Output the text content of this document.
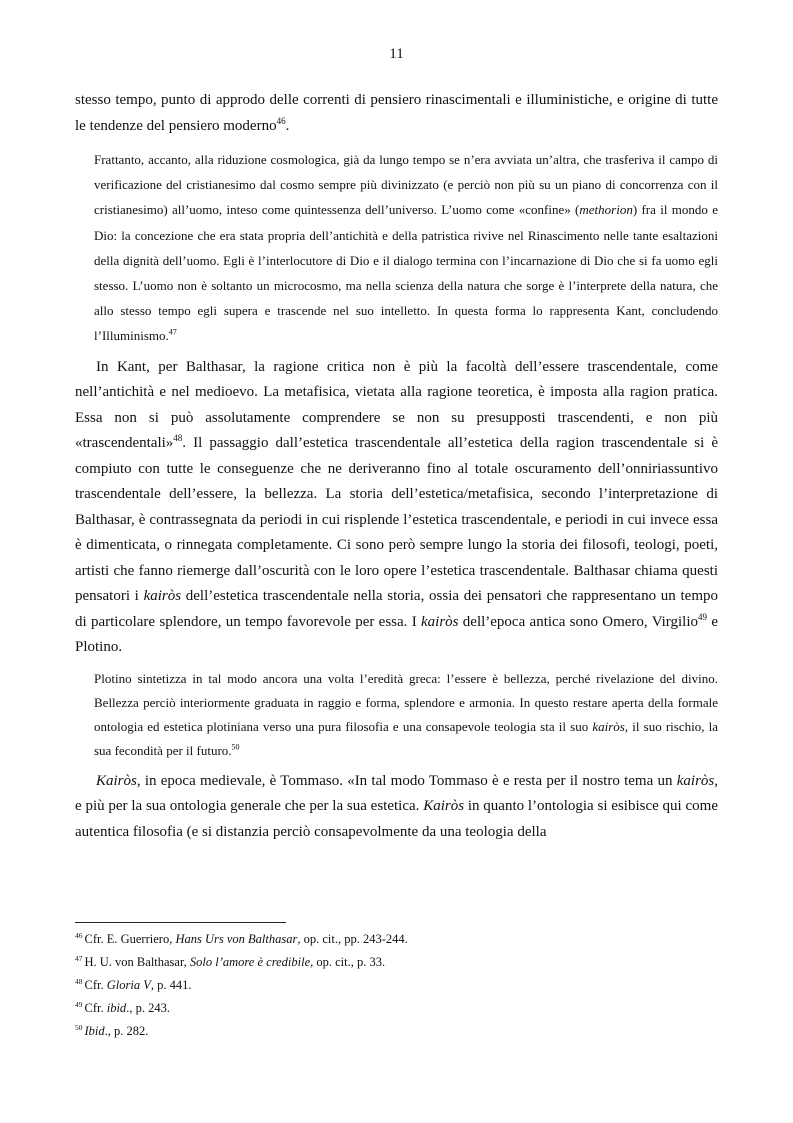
11

stesso tempo, punto di approdo delle correnti di pensiero rinascimentali e illuministiche, e origine di tutte le tendenze del pensiero moderno$^{46}$.

Frattanto, accanto, alla riduzione cosmologica, già da lungo tempo se n’era avviata un’altra, che trasferiva il campo di verificazione del cristianesimo dal cosmo sempre più divinizzato (e perciò non più su un piano di concorrenza con il cristianesimo) all’uomo, inteso come quintessenza dell’universo. L’uomo come «confine» (methorion) fra il mondo e Dio: la concezione che era stata propria dell’antichità e della patristica rivive nel Rinascimento nelle tante esaltazioni della dignità dell’uomo. Egli è l’interlocutore di Dio e il dialogo termina con l’incarnazione di Dio che si fa uomo egli stesso. L’uomo non è soltanto un microcosmo, ma nella scienza della natura che sorge è l’interprete della natura, che allo stesso tempo egli supera e trascende nel suo intelletto. In questa forma lo rappresenta Kant, concludendo l’Illuminismo.$^{47}$

In Kant, per Balthasar, la ragione critica non è più la facoltà dell’essere trascendentale, come nell’antichità e nel medioevo. La metafisica, vietata alla ragione teoretica, è imposta alla ragion pratica. Essa non si può assolutamente comprendere se non su presupposti trascendenti, e non più «trascendentali»$^{48}$. Il passaggio dall’estetica trascendentale all’estetica della ragion trascendentale si è compiuto con tutte le conseguenze che ne deriveranno fino al totale oscuramento dell’onniriassuntivo trascendentale dell’essere, la bellezza. La storia dell’estetica/metafisica, secondo l’interpretazione di Balthasar, è contrassegnata da periodi in cui risplende l’estetica trascendentale, e periodi in cui invece essa è dimenticata, o rinnegata completamente. Ci sono però sempre lungo la storia dei filosofi, teologi, poeti, artisti che fanno riemerge dall’oscurità con le loro opere l’estetica trascendentale. Balthasar chiama questi pensatori i kairòs dell’estetica trascendentale nella storia, ossia dei pensatori che rappresentano un tempo di particolare splendore, un tempo favorevole per essa. I kairòs dell’epoca antica sono Omero, Virgilio$^{49}$ e Plotino.

Plotino sintetizza in tal modo ancora una volta l’eredità greca: l’essere è bellezza, perché rivelazione del divino. Bellezza perciò interiormente graduata in raggio e forma, splendore e armonia. In questo restare aperta della formale ontologia ed estetica plotiniana verso una pura filosofia e una consapevole teologia sta il suo kairòs, il suo rischio, la sua fecondità per il futuro.$^{50}$

Kairòs, in epoca medievale, è Tommaso. «In tal modo Tommaso è e resta per il nostro tema un kairòs, e più per la sua ontologia generale che per la sua estetica. Kairòs in quanto l’ontologia si esibisce qui come autentica filosofia (e si distanzia perciò consapevolmente da una teologia della

$^{46}$ Cfr. E. Guerriero, Hans Urs von Balthasar, op. cit., pp. 243-244.
$^{47}$ H. U. von Balthasar, Solo l’amore è credibile, op. cit., p. 33.
$^{48}$ Cfr. Gloria V, p. 441.
$^{49}$ Cfr. ibid., p. 243.
$^{50}$ Ibid., p. 282.
